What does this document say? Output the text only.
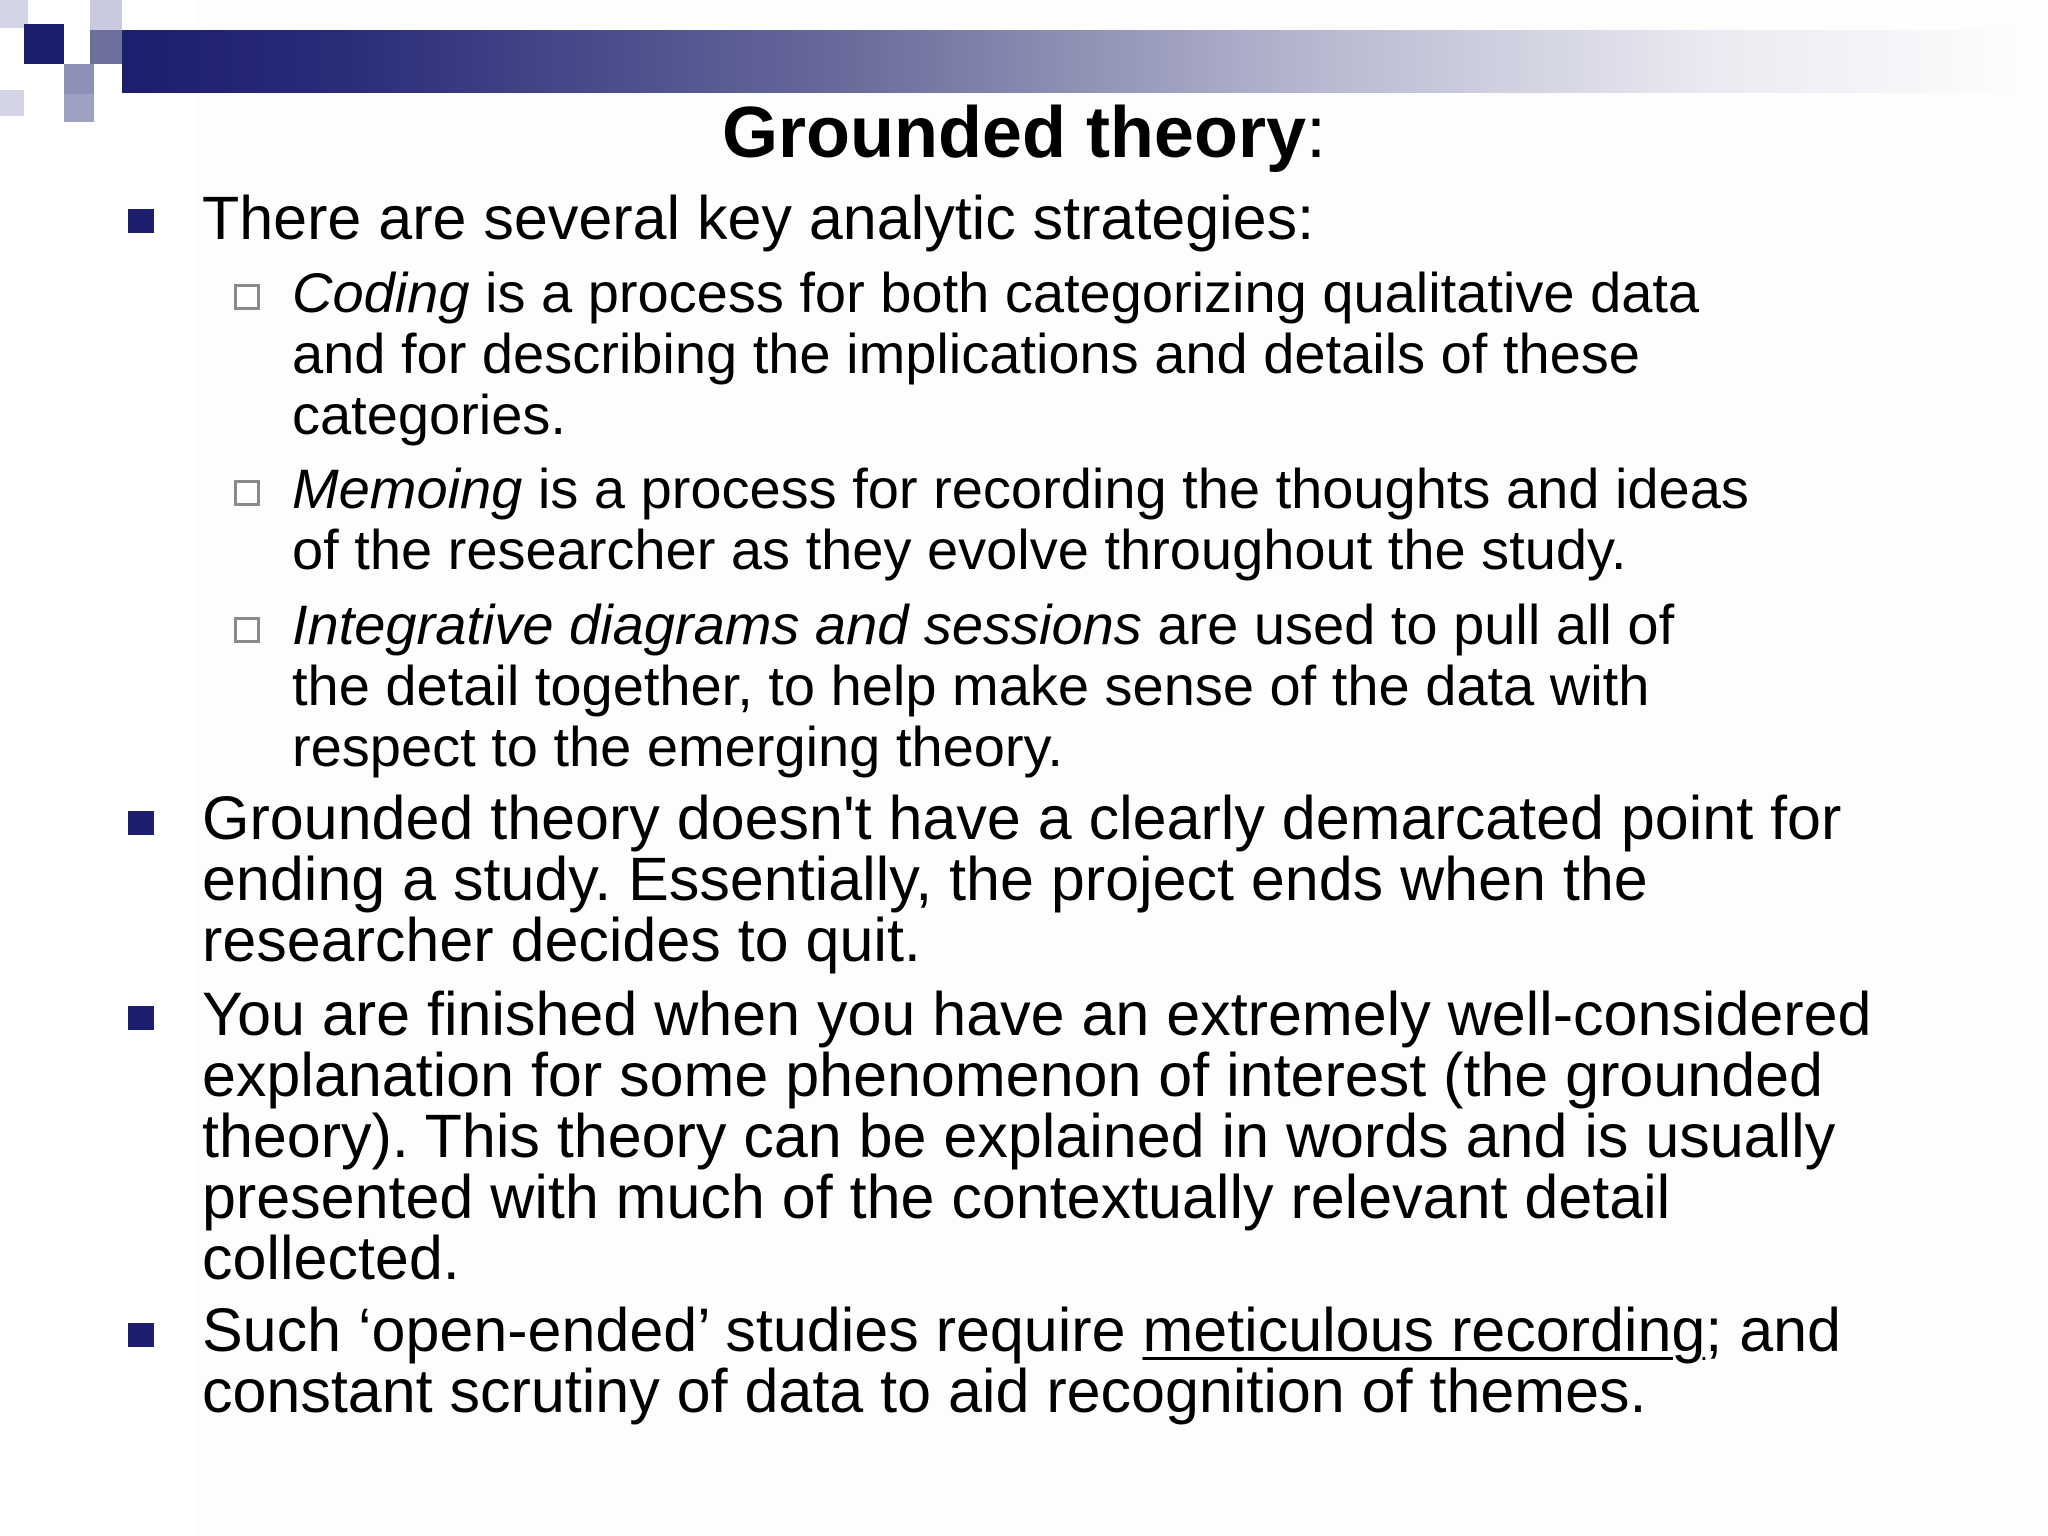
Grounded theory:
There are several key analytic strategies:
Coding is a process for both categorizing qualitative data
and for describing the implications and details of these
categories.
Memoing is a process for recording the thoughts and ideas
of the researcher as they evolve throughout the study.
Integrative diagrams and sessions are used to pull all of
the detail together, to help make sense of the data with
respect to the emerging theory.
Grounded theory doesn't have a clearly demarcated point for
ending a study. Essentially, the project ends when the
researcher decides to quit.
You are finished when you have an extremely well-considered
explanation for some phenomenon of interest (the grounded
theory). This theory can be explained in words and is usually
presented with much of the contextually relevant detail
collected.
Such ‘open-ended’ studies require meticulous recording; and
constant scrutiny of data to aid recognition of themes.
